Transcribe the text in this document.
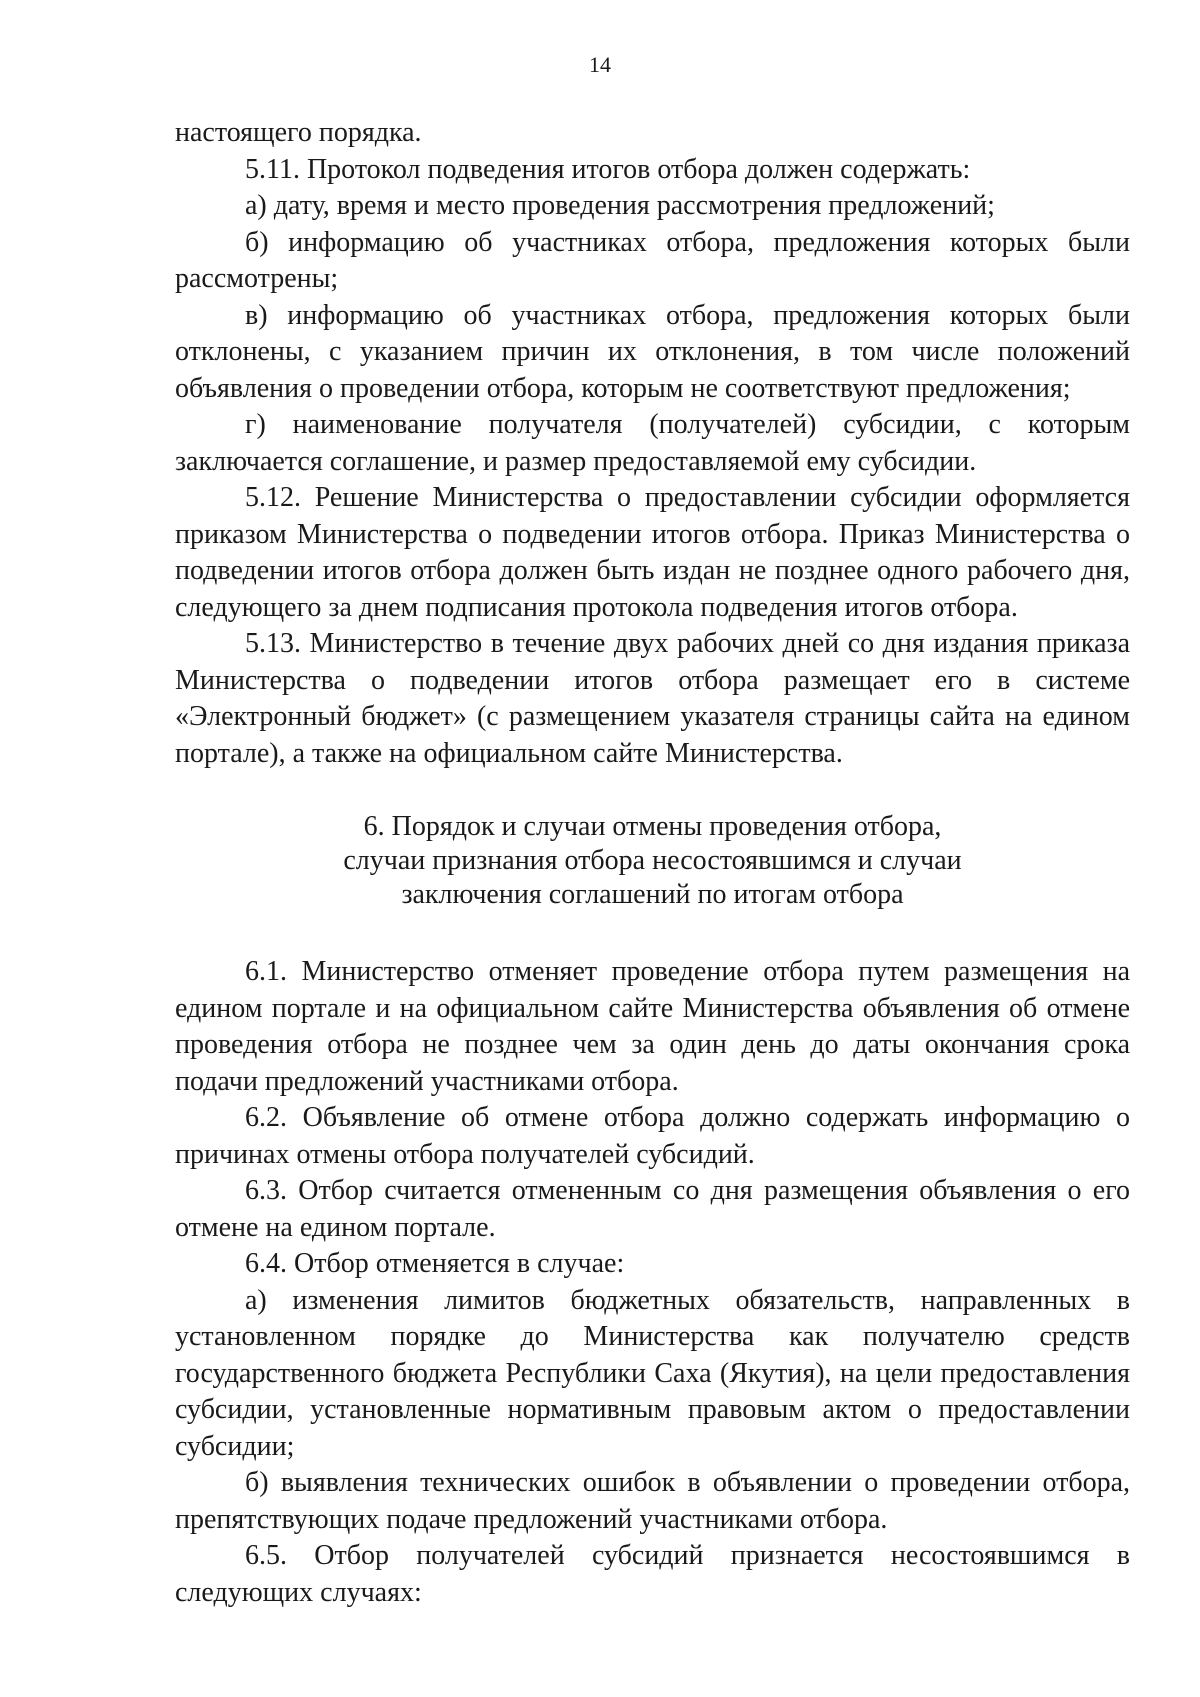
14

настоящего порядка.

5.11. Протокол подведения итогов отбора должен содержать:

а) дату, время и место проведения рассмотрения предложений;

б) информацию об участниках отбора, предложения которых были рассмотрены;

в) информацию об участниках отбора, предложения которых были отклонены, с указанием причин их отклонения, в том числе положений объявления о проведении отбора, которым не соответствуют предложения;

г) наименование получателя (получателей) субсидии, с которым заключается соглашение, и размер предоставляемой ему субсидии.

5.12. Решение Министерства о предоставлении субсидии оформляется приказом Министерства о подведении итогов отбора. Приказ Министерства о подведении итогов отбора должен быть издан не позднее одного рабочего дня, следующего за днем подписания протокола подведения итогов отбора.

5.13. Министерство в течение двух рабочих дней со дня издания приказа Министерства о подведении итогов отбора размещает его в системе «Электронный бюджет» (с размещением указателя страницы сайта на едином портале), а также на официальном сайте Министерства.

6. Порядок и случаи отмены проведения отбора,
случаи признания отбора несостоявшимся и случаи
заключения соглашений по итогам отбора

6.1. Министерство отменяет проведение отбора путем размещения на едином портале и на официальном сайте Министерства объявления об отмене проведения отбора не позднее чем за один день до даты окончания срока подачи предложений участниками отбора.

6.2. Объявление об отмене отбора должно содержать информацию о причинах отмены отбора получателей субсидий.

6.3. Отбор считается отмененным со дня размещения объявления о его отмене на едином портале.

6.4. Отбор отменяется в случае:

а) изменения лимитов бюджетных обязательств, направленных в установленном порядке до Министерства как получателю средств государственного бюджета Республики Саха (Якутия), на цели предоставления субсидии, установленные нормативным правовым актом о предоставлении субсидии;

б) выявления технических ошибок в объявлении о проведении отбора, препятствующих подаче предложений участниками отбора.

6.5. Отбор получателей субсидий признается несостоявшимся в следующих случаях:
